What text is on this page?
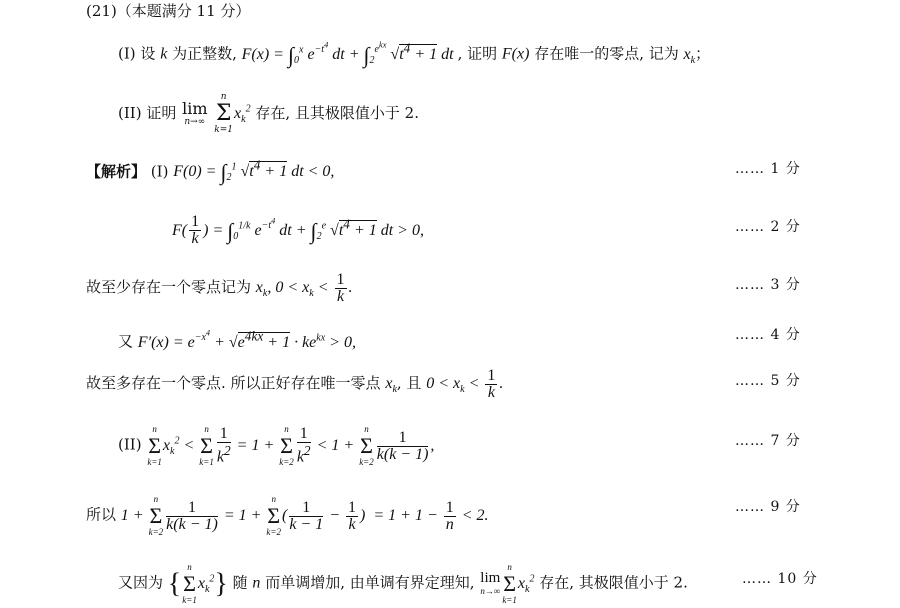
(21)（本题满分 11 分）
(I) 设 k 为正整数, $F(x) = \int_0^x$ $e^{-t^4}$ dt + $\int_2^{e^{kx}}$ $√t^4 + 1$ dt , 证明 F(x) 存在唯一的零点, 记为 $x_k$；
(II) 证明 lim
n→∞

n
Σ
k=1
$x_k^2$ 存在, 且其极限值小于 2.
【解析】 (I) $F(0) = \int_2^1$ $√t^4 + 1$ dt < 0,	…… 1 分
$F( \frac{1}{k}$ ) = $\int_0^{1/k}$ $e^{-t^4}$ dt + $\int_2^e$ $√t^4 + 1$ dt > 0,	…… 2 分
故至少存在一个零点记为 $x_k$, $0 < x_k < \frac{1}{k}$ .	…… 3 分
又 $F'(x) = e^{-x^4} + √e^{4kx} + 1 \cdot ke^{kx} > 0$,	…… 4 分
故至多存在一个零点. 所以正好存在唯一零点 $x_k$, 且 $0 < x_k < \frac{1}{k}$ .	…… 5 分
(II)
n
Σ
k=1
$x_k^2$ <
n
Σ
$k=1 \frac{1}{k^2} = 1$ +
n
Σ
$k=2 \frac{1}{k^2} < 1$ +
n
Σ
$k=2 \frac{1}{k(k - 1)}$ ,	…… 7 分
所以 1 +
n
Σ
$k=2 \frac{1}{k(k - 1)} = 1$ +
n
Σ
k=2
( $\frac{1}{k - 1} - \frac{1}{k}$ )  = $1 + 1 - \frac{1}{n} < 2$.	…… 9 分
又因为 {
n
Σ
k=1
$x_k^2$} 随 n 而单调增加, 由单调有界定理知, lim
n→∞
n
Σ
k=1
$x_k^2$ 存在, 其极限值小于 2.	…… 10 分
